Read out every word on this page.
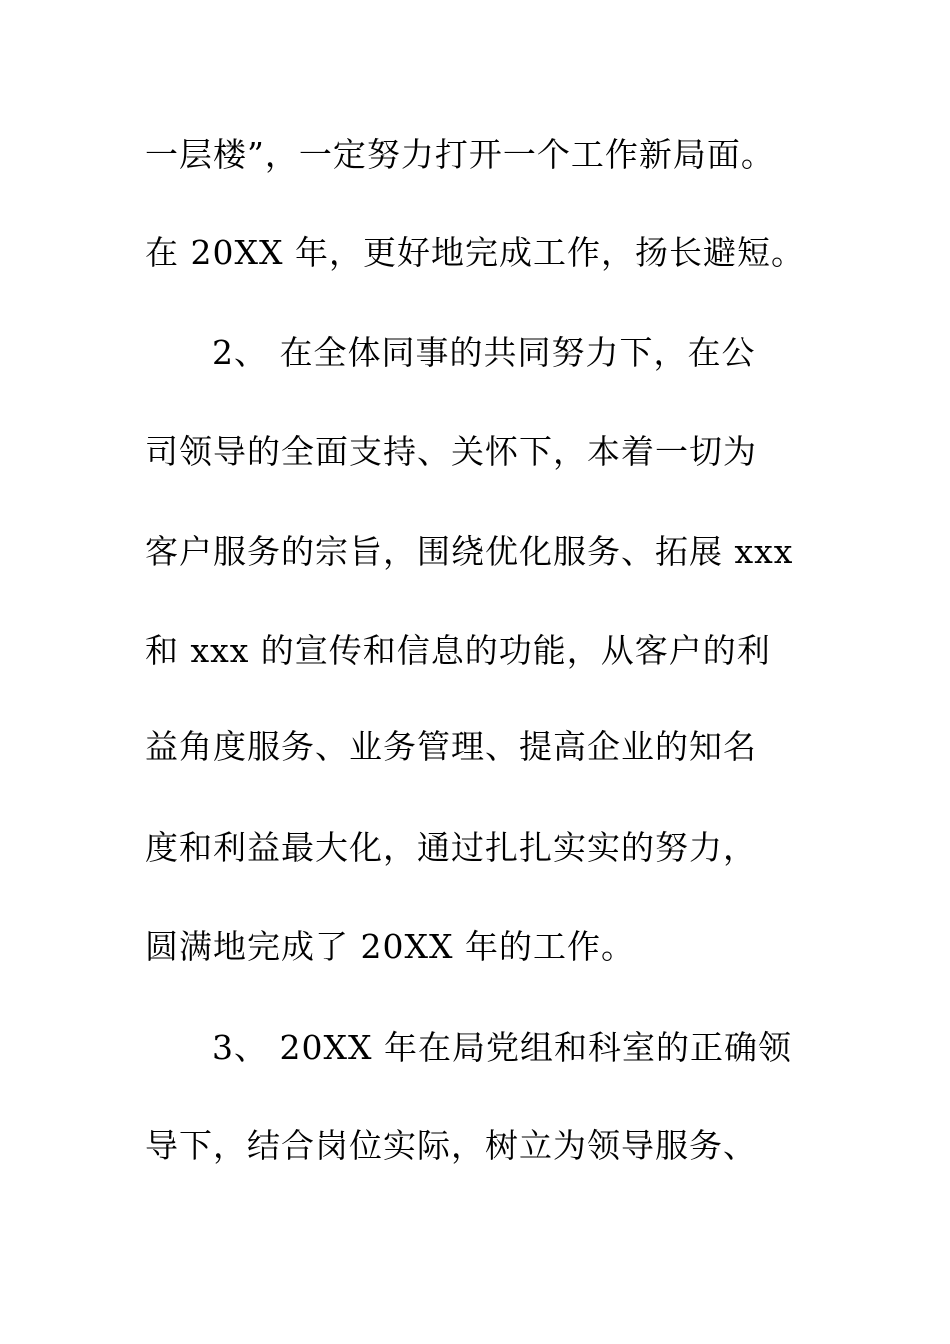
一层楼”，一定努力打开一个工作新局面。
在 20XX 年，更好地完成工作，扬长避短。
2、 在全体同事的共同努力下，在公
司领导的全面支持、关怀下，本着一切为
客户服务的宗旨，围绕优化服务、拓展 xxx
和 xxx 的宣传和信息的功能，从客户的利
益角度服务、业务管理、提高企业的知名
度和利益最大化，通过扎扎实实的努力，
圆满地完成了 20XX 年的工作。
3、 20XX 年在局党组和科室的正确领
导下，结合岗位实际，树立为领导服务、
